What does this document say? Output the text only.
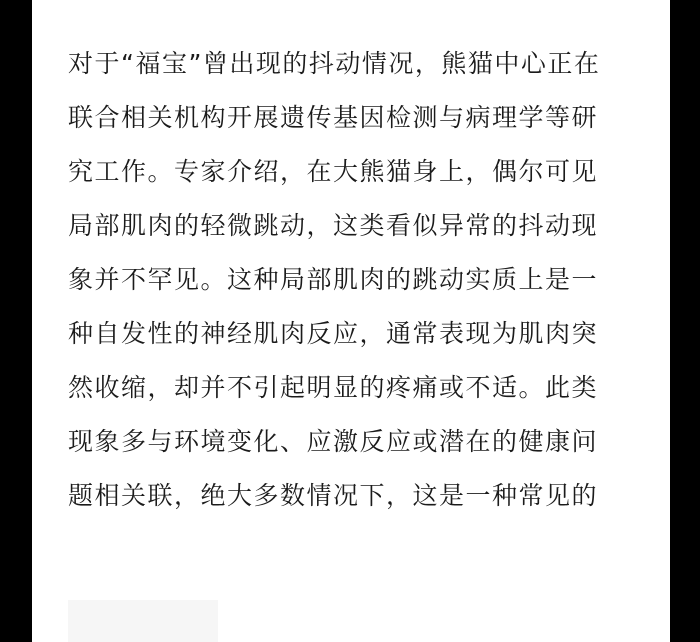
对于“福宝”曾出现的抖动情况，熊猫中心正在
联合相关机构开展遗传基因检测与病理学等研
究工作。专家介绍，在大熊猫身上，偶尔可见
局部肌肉的轻微跳动，这类看似异常的抖动现
象并不罕见。这种局部肌肉的跳动实质上是一
种自发性的神经肌肉反应，通常表现为肌肉突
然收缩，却并不引起明显的疼痛或不适。此类
现象多与环境变化、应激反应或潜在的健康问
题相关联，绝大多数情况下，这是一种常见的
